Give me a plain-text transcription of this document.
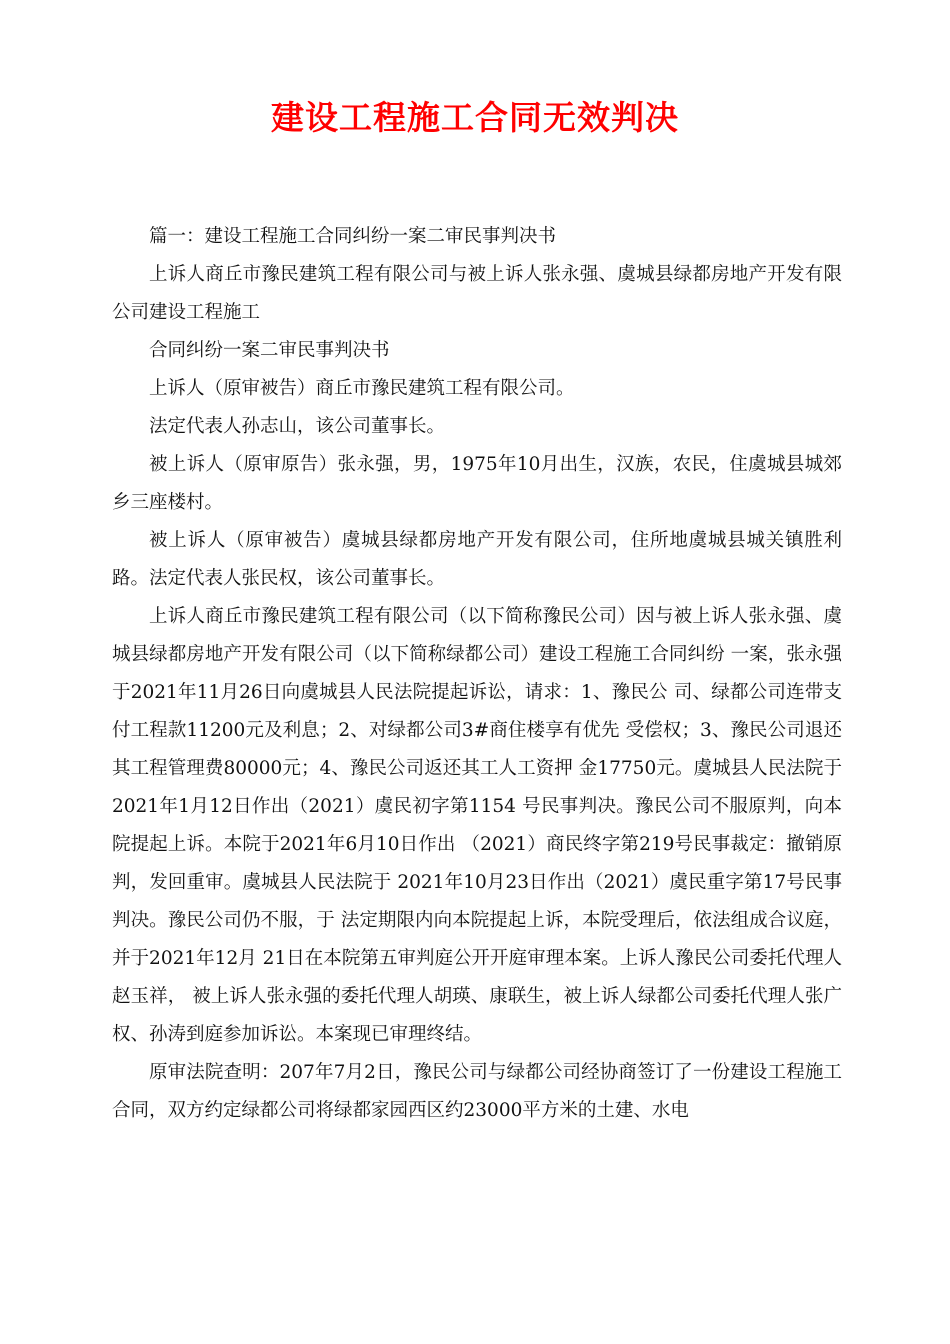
建设工程施工合同无效判决

篇一：建设工程施工合同纠纷一案二审民事判决书

上诉人商丘市豫民建筑工程有限公司与被上诉人张永强、虞城县绿都房地产开发有限公司建设工程施工

合同纠纷一案二审民事判决书

上诉人（原审被告）商丘市豫民建筑工程有限公司。

法定代表人孙志山，该公司董事长。

被上诉人（原审原告）张永强，男，1975年10月出生，汉族，农民，住虞城县城郊乡三座楼村。

被上诉人（原审被告）虞城县绿都房地产开发有限公司，住所地虞城县城关镇胜利路。法定代表人张民权，该公司董事长。

上诉人商丘市豫民建筑工程有限公司（以下简称豫民公司）因与被上诉人张永强、虞城县绿都房地产开发有限公司（以下简称绿都公司）建设工程施工合同纠纷 一案，张永强于2021年11月26日向虞城县人民法院提起诉讼，请求：1、豫民公 司、绿都公司连带支付工程款11200元及利息；2、对绿都公司3#商住楼享有优先 受偿权；3、豫民公司退还其工程管理费80000元；4、豫民公司返还其工人工资押 金17750元。虞城县人民法院于2021年1月12日作出（2021）虞民初字第1154 号民事判决。豫民公司不服原判，向本院提起上诉。本院于2021年6月10日作出 （2021）商民终字第219号民事裁定：撤销原判，发回重审。虞城县人民法院于 2021年10月23日作出（2021）虞民重字第17号民事判决。豫民公司仍不服，于 法定期限内向本院提起上诉，本院受理后，依法组成合议庭，并于2021年12月 21日在本院第五审判庭公开开庭审理本案。上诉人豫民公司委托代理人赵玉祥， 被上诉人张永强的委托代理人胡瑛、康联生，被上诉人绿都公司委托代理人张广 权、孙涛到庭参加诉讼。本案现已审理终结。

原审法院查明：207年7月2日，豫民公司与绿都公司经协商签订了一份建设工程施工合同，双方约定绿都公司将绿都家园西区约23000平方米的土建、水电
